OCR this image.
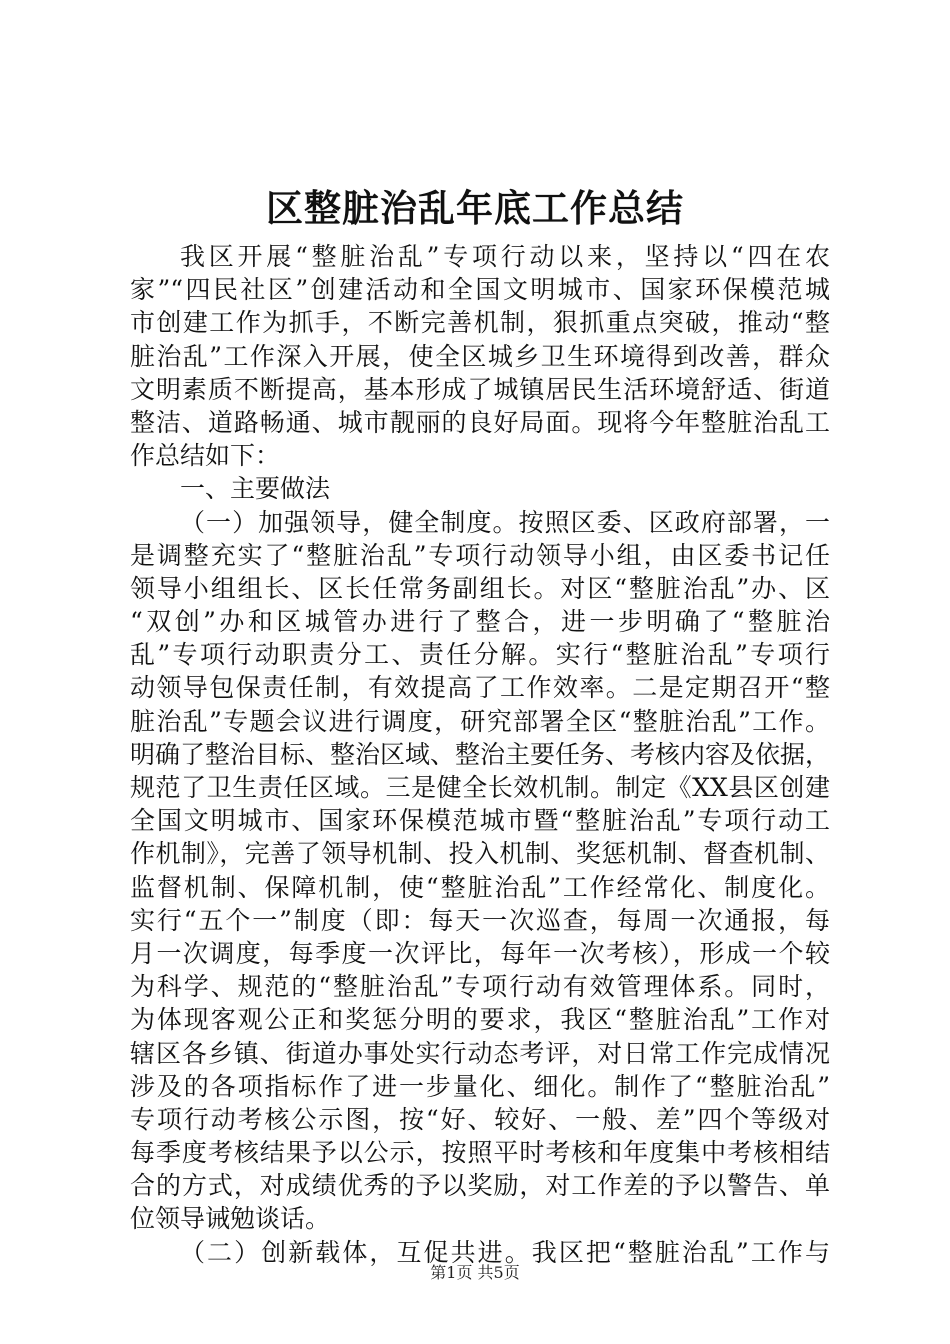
区整脏治乱年底工作总结
我区开展“整脏治乱”专项行动以来，坚持以“四在农
家”“四民社区”创建活动和全国文明城市、国家环保模范城
市创建工作为抓手，不断完善机制，狠抓重点突破，推动“整
脏治乱”工作深入开展，使全区城乡卫生环境得到改善，群众
文明素质不断提高，基本形成了城镇居民生活环境舒适、街道
整洁、道路畅通、城市靓丽的良好局面。现将今年整脏治乱工
作总结如下：
一、主要做法
（一）加强领导，健全制度。按照区委、区政府部署，一
是调整充实了“整脏治乱”专项行动领导小组，由区委书记任
领导小组组长、区长任常务副组长。对区“整脏治乱”办、区
“双创”办和区城管办进行了整合，进一步明确了“整脏治
乱”专项行动职责分工、责任分解。实行“整脏治乱”专项行
动领导包保责任制，有效提高了工作效率。二是定期召开“整
脏治乱”专题会议进行调度，研究部署全区“整脏治乱”工作。
明确了整治目标、整治区域、整治主要任务、考核内容及依据，
规范了卫生责任区域。三是健全长效机制。制定《XX县区创建
全国文明城市、国家环保模范城市暨“整脏治乱”专项行动工
作机制》，完善了领导机制、投入机制、奖惩机制、督查机制、
监督机制、保障机制，使“整脏治乱”工作经常化、制度化。
实行“五个一”制度（即：每天一次巡查，每周一次通报，每
月一次调度，每季度一次评比，每年一次考核），形成一个较
为科学、规范的“整脏治乱”专项行动有效管理体系。同时，
为体现客观公正和奖惩分明的要求，我区“整脏治乱”工作对
辖区各乡镇、街道办事处实行动态考评，对日常工作完成情况
涉及的各项指标作了进一步量化、细化。制作了“整脏治乱”
专项行动考核公示图，按“好、较好、一般、差”四个等级对
每季度考核结果予以公示，按照平时考核和年度集中考核相结
合的方式，对成绩优秀的予以奖励，对工作差的予以警告、单
位领导诫勉谈话。
（二）创新载体，互促共进。我区把“整脏治乱”工作与
第1页 共5页
